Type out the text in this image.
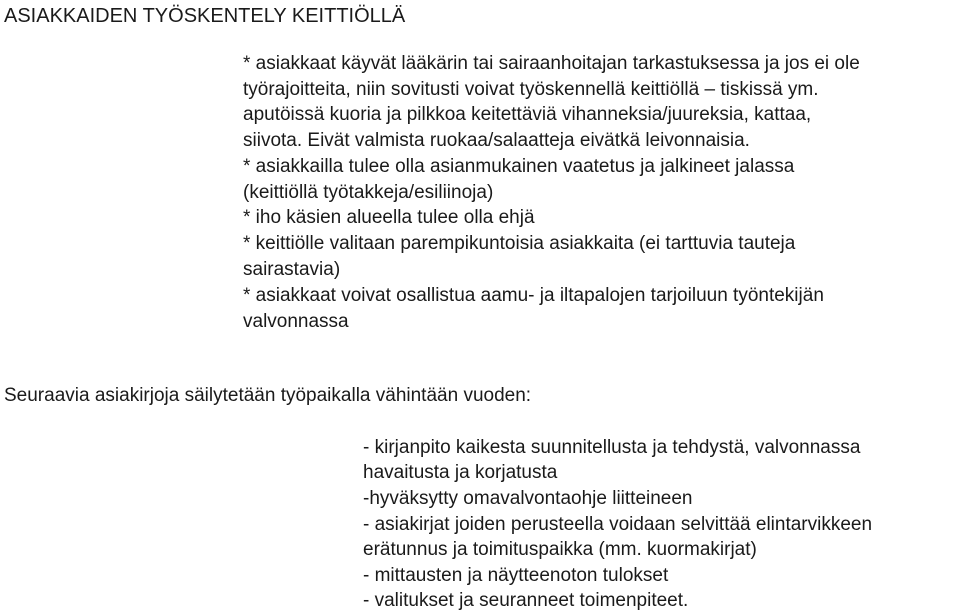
ASIAKKAIDEN TYÖSKENTELY KEITTIÖLLÄ

* asiakkaat käyvät lääkärin tai sairaanhoitajan tarkastuksessa ja jos ei ole

työrajoitteita, niin sovitusti voivat työskennellä keittiöllä – tiskissä ym.

aputöissä kuoria ja pilkkoa keitettäviä vihanneksia/juureksia, kattaa,

siivota. Eivät valmista ruokaa/salaatteja eivätkä leivonnaisia.

* asiakkailla tulee olla asianmukainen vaatetus ja jalkineet jalassa

(keittiöllä työtakkeja/esiliinoja)

* iho käsien alueella tulee olla ehjä

* keittiölle valitaan parempikuntoisia asiakkaita (ei tarttuvia tauteja

sairastavia)

* asiakkaat voivat osallistua aamu- ja iltapalojen tarjoiluun työntekijän

valvonnassa

Seuraavia asiakirjoja säilytetään työpaikalla vähintään vuoden:

- kirjanpito kaikesta suunnitellusta ja tehdystä, valvonnassa

havaitusta ja korjatusta

-hyväksytty omavalvontaohje liitteineen

- asiakirjat joiden perusteella voidaan selvittää elintarvikkeen

erätunnus ja toimituspaikka (mm. kuormakirjat)

- mittausten ja näytteenoton tulokset

- valitukset ja seuranneet toimenpiteet.
